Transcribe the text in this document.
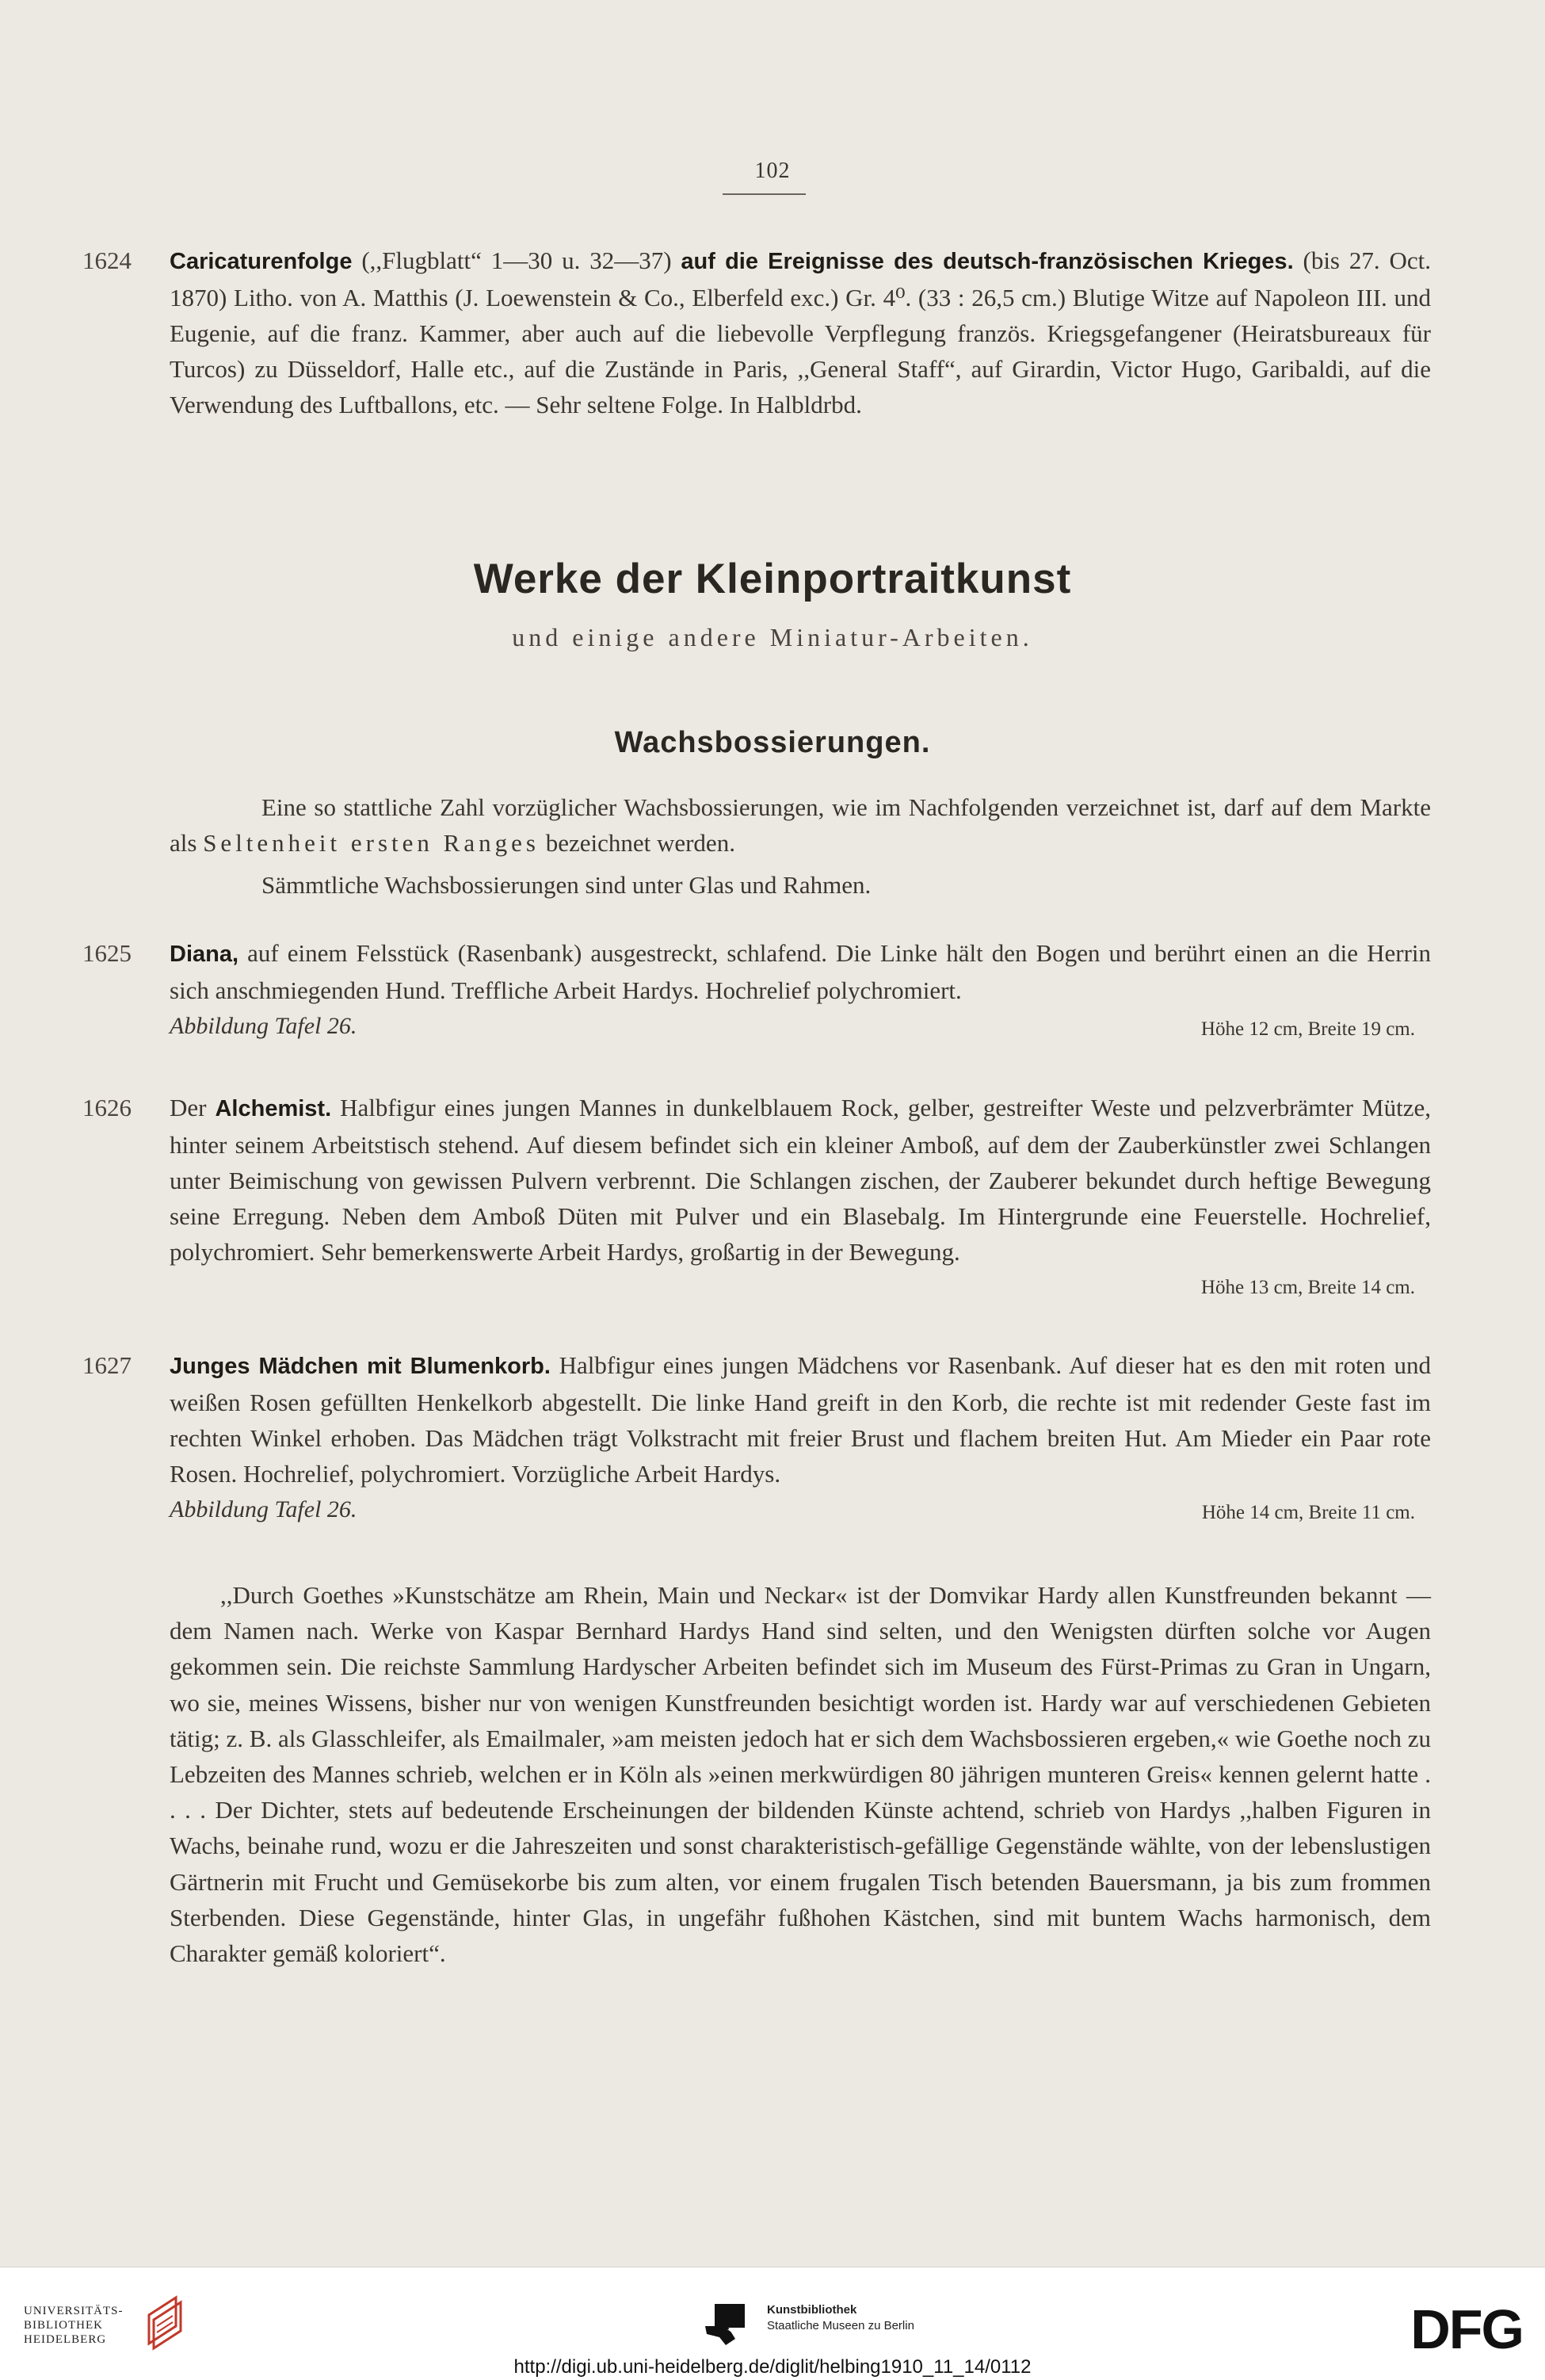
102
1624	Caricaturenfolge (,,Flugblatt“ 1—30 u. 32—37) auf die Ereignisse des deutsch-französischen Krieges. (bis 27. Oct. 1870) Litho. von A. Matthis (J. Loewenstein & Co., Elberfeld exc.) Gr. 4⁰. (33 : 26,5 cm.) Blutige Witze auf Napoleon III. und Eugenie, auf die franz. Kammer, aber auch auf die liebevolle Verpflegung französ. Kriegsgefangener (Heiratsbureaux für Turcos) zu Düsseldorf, Halle etc., auf die Zustände in Paris, ,,General Staff“, auf Girardin, Victor Hugo, Garibaldi, auf die Verwendung des Luftballons, etc. — Sehr seltene Folge. In Halbldrbd.
Werke der Kleinportraitkunst
und einige andere Miniatur-Arbeiten.
Wachsbossierungen.
Eine so stattliche Zahl vorzüglicher Wachsbossierungen, wie im Nachfolgenden verzeichnet ist, darf auf dem Markte als Seltenheit ersten Ranges bezeichnet werden.
Sämmtliche Wachsbossierungen sind unter Glas und Rahmen.
1625	Diana, auf einem Felsstück (Rasenbank) ausgestreckt, schlafend. Die Linke hält den Bogen und berührt einen an die Herrin sich anschmiegenden Hund. Treffliche Arbeit Hardys. Hochrelief polychromiert.
Abbildung Tafel 26.	Höhe 12 cm, Breite 19 cm.
1626	Der Alchemist. Halbfigur eines jungen Mannes in dunkelblauem Rock, gelber, gestreifter Weste und pelzverbrämter Mütze, hinter seinem Arbeitstisch stehend. Auf diesem befindet sich ein kleiner Amboß, auf dem der Zauberkünstler zwei Schlangen unter Beimischung von gewissen Pulvern verbrennt. Die Schlangen zischen, der Zauberer bekundet durch heftige Bewegung seine Erregung. Neben dem Amboß Düten mit Pulver und ein Blasebalg. Im Hintergrunde eine Feuerstelle. Hochrelief, polychromiert. Sehr bemerkenswerte Arbeit Hardys, großartig in der Bewegung.
Höhe 13 cm, Breite 14 cm.
1627	Junges Mädchen mit Blumenkorb. Halbfigur eines jungen Mädchens vor Rasenbank. Auf dieser hat es den mit roten und weißen Rosen gefüllten Henkelkorb abgestellt. Die linke Hand greift in den Korb, die rechte ist mit redender Geste fast im rechten Winkel erhoben. Das Mädchen trägt Volkstracht mit freier Brust und flachem breiten Hut. Am Mieder ein Paar rote Rosen. Hochrelief, polychromiert. Vorzügliche Arbeit Hardys.
Abbildung Tafel 26.	Höhe 14 cm, Breite 11 cm.
,,Durch Goethes »Kunstschätze am Rhein, Main und Neckar« ist der Domvikar Hardy allen Kunstfreunden bekannt — dem Namen nach. Werke von Kaspar Bernhard Hardys Hand sind selten, und den Wenigsten dürften solche vor Augen gekommen sein. Die reichste Sammlung Hardyscher Arbeiten befindet sich im Museum des Fürst-Primas zu Gran in Ungarn, wo sie, meines Wissens, bisher nur von wenigen Kunstfreunden besichtigt worden ist. Hardy war auf verschiedenen Gebieten tätig; z. B. als Glasschleifer, als Emailmaler, »am meisten jedoch hat er sich dem Wachsbossieren ergeben,« wie Goethe noch zu Lebzeiten des Mannes schrieb, welchen er in Köln als »einen merkwürdigen 80 jährigen munteren Greis« kennen gelernt hatte . . . . Der Dichter, stets auf bedeutende Erscheinungen der bildenden Künste achtend, schrieb von Hardys ,,halben Figuren in Wachs, beinahe rund, wozu er die Jahreszeiten und sonst charakteristisch-gefällige Gegenstände wählte, von der lebenslustigen Gärtnerin mit Frucht und Gemüsekorbe bis zum alten, vor einem frugalen Tisch betenden Bauersmann, ja bis zum frommen Sterbenden. Diese Gegenstände, hinter Glas, in ungefähr fußhohen Kästchen, sind mit buntem Wachs harmonisch, dem Charakter gemäß koloriert“.
UNIVERSITÄTS-
BIBLIOTHEK
HEIDELBERG
Kunstbibliothek
Staatliche Museen zu Berlin	DFG
http://digi.ub.uni-heidelberg.de/diglit/helbing1910_11_14/0112
